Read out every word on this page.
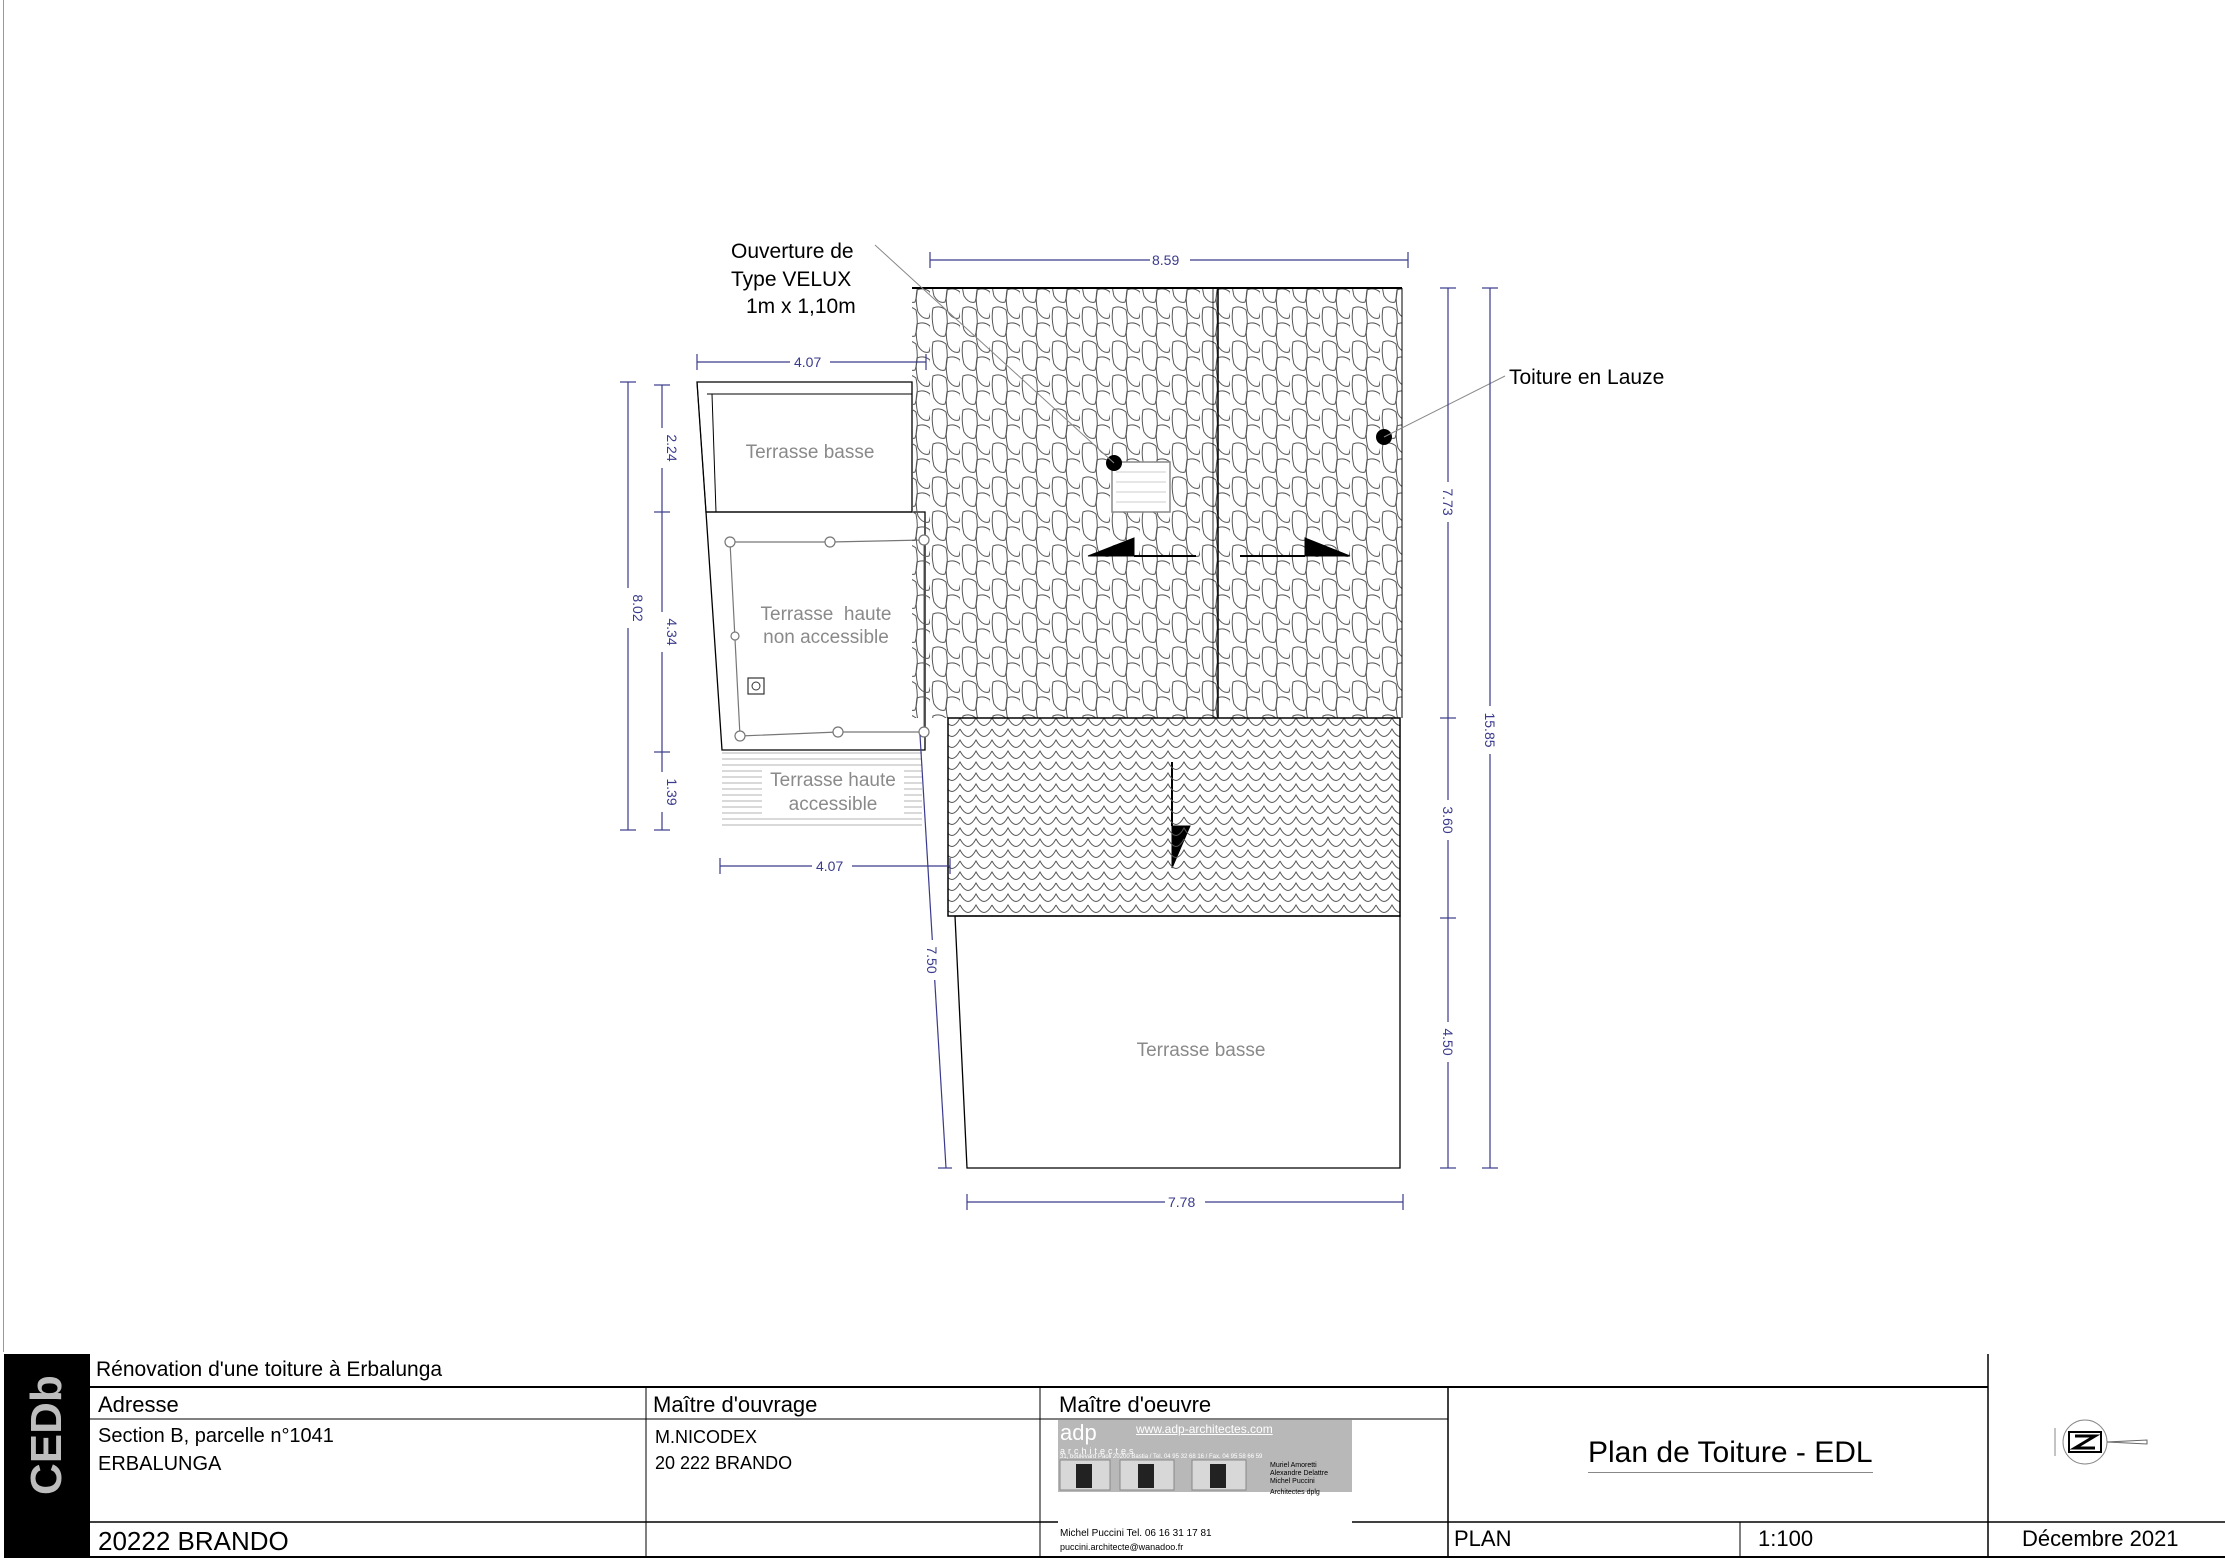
8.59
4.07
4.07
7.78
8.02
2.24
4.34
1.39
7.50
7.73
3.60
4.50
15.85
Terrasse basse
Terrasse  haute
non accessible
Terrasse haute
accessible
Terrasse basse
Ouverture de
Type VELUX
1m x 1,10m
Toiture en Lauze
CEDb
Rénovation d'une toiture à Erbalunga
Adresse
Section B, parcelle n°1041
ERBALUNGA
20222 BRANDO
Maître d'ouvrage
M.NICODEX
20 222 BRANDO
Maître d'oeuvre
adp	www.adp-architectes.com
architectes
31, boulevard Paoli 20200 Bastia / Tel. 04 95 32 68 16 / Fax. 04 95 58 66 59
Muriel Amoretti
Alexandre Delattre
Michel Puccini
Architectes dplg
Michel Puccini Tel. 06 16 31 17 81
puccini.architecte@wanadoo.fr
Plan de Toiture - EDL
PLAN	1:100	Décembre 2021
